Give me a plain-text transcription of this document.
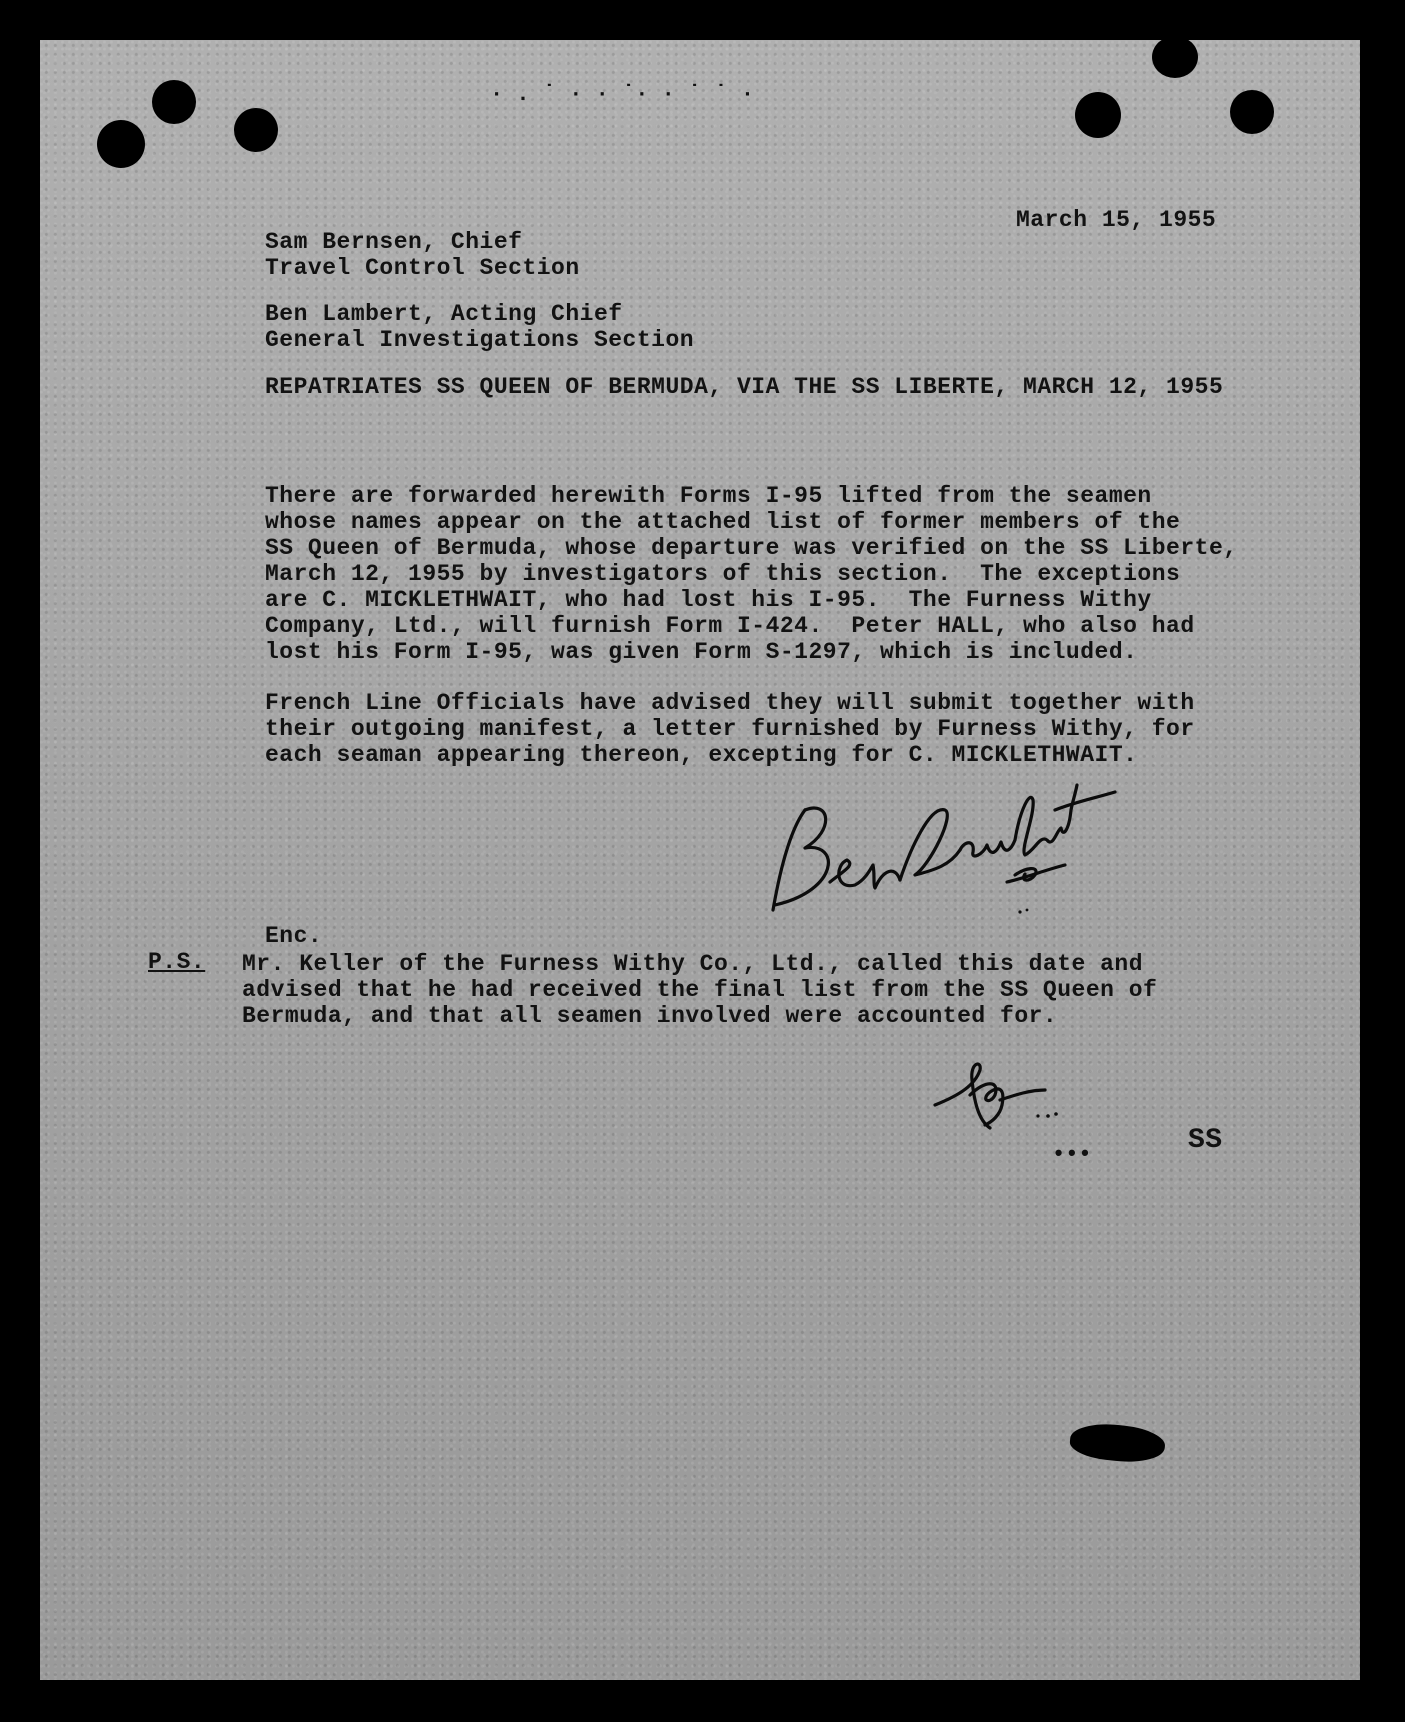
· . ˙ · · ˙· · ˙ ˙ ·

March 15, 1955

Sam Bernsen, Chief

Travel Control Section

Ben Lambert, Acting Chief

General Investigations Section

REPATRIATES SS QUEEN OF BERMUDA, VIA THE SS LIBERTE, MARCH 12, 1955

There are forwarded herewith Forms I-95 lifted from the seamen

whose names appear on the attached list of former members of the

SS Queen of Bermuda, whose departure was verified on the SS Liberte,

March 12, 1955 by investigators of this section.  The exceptions

are C. MICKLETHWAIT, who had lost his I-95.  The Furness Withy

Company, Ltd., will furnish Form I-424.  Peter HALL, who also had

lost his Form I-95, was given Form S-1297, which is included.

French Line Officials have advised they will submit together with

their outgoing manifest, a letter furnished by Furness Withy, for

each seaman appearing thereon, excepting for C. MICKLETHWAIT.

Enc.

P.S. Mr. Keller of the Furness Withy Co., Ltd., called this date and

advised that he had received the final list from the SS Queen of

Bermuda, and that all seamen involved were accounted for.

•••	SS
